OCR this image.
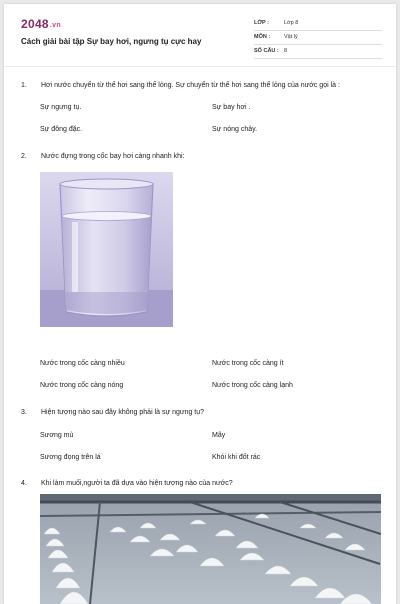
2048.vn
Cách giải bài tập Sự bay hơi, ngưng tụ cực hay
LỚP :	Lớp 8
MÔN :	Vật lý
SỐ CÂU : 8
1. Hơi nước chuyển từ thể hơi sang thể lỏng. Sự chuyển từ thể hơi sang thể lỏng của nước gọi là :
Sự ngưng tụ.	Sự bay hơi .
Sự đông đặc.	Sự nóng chảy.
2. Nước đựng trong cốc bay hơi càng nhanh khi:
Nước trong cốc càng nhiều	Nước trong cốc càng ít
Nước trong cốc càng nóng	Nước trong cốc càng lạnh
3. Hiện tượng nào sau đây không phải là sự ngưng tụ?
Sương mù	Mây
Sương đọng trên lá	Khói khi đốt rác
4. Khi làm muối,người ta đã dựa vào hiện tượng nào của nước?
